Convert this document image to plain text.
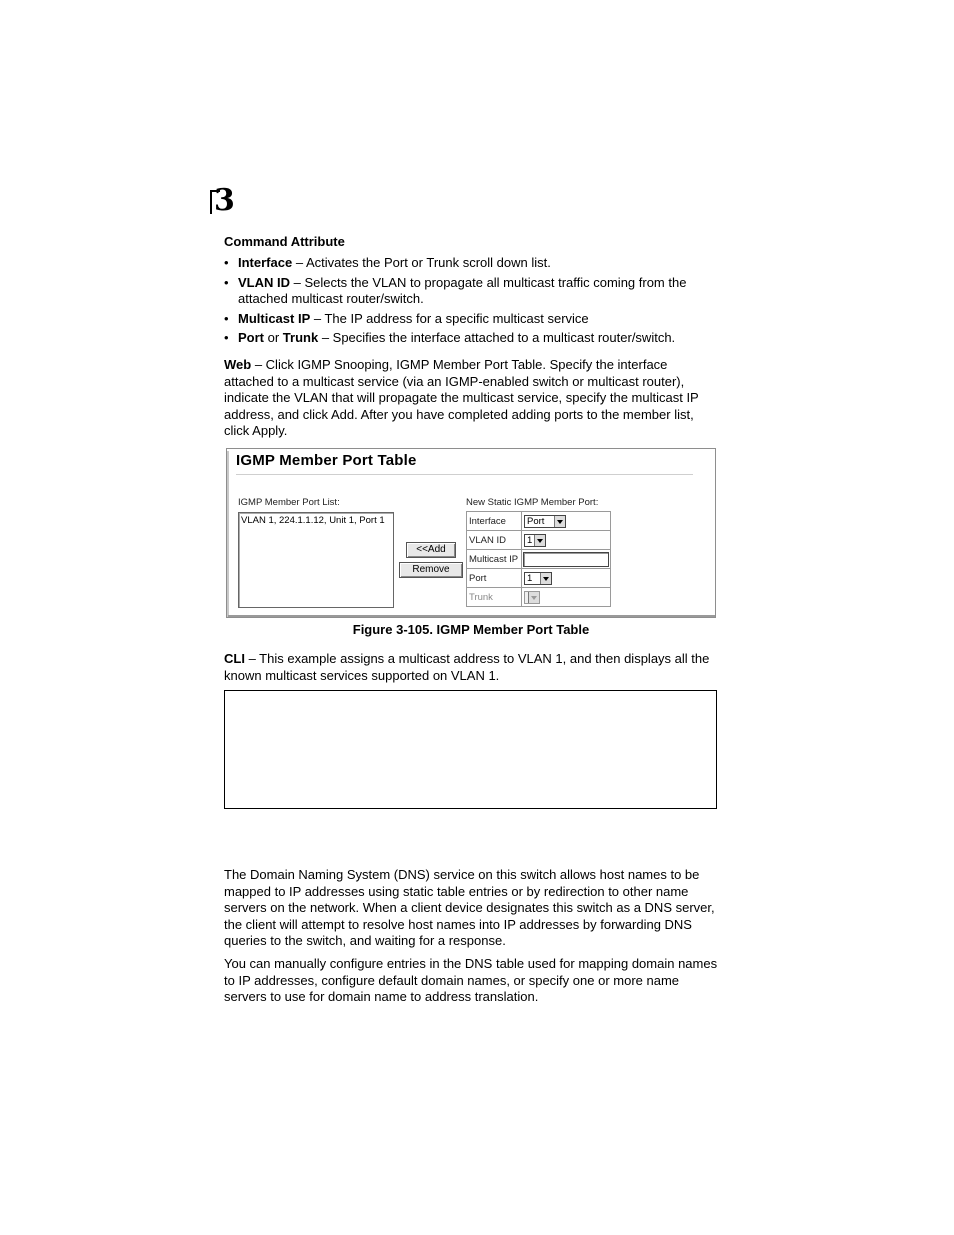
3
Command Attribute
• Interface – Activates the Port or Trunk scroll down list.
• VLAN ID – Selects the VLAN to propagate all multicast traffic coming from the attached multicast router/switch.
• Multicast IP – The IP address for a specific multicast service
• Port or Trunk – Specifies the interface attached to a multicast router/switch.

Web – Click IGMP Snooping, IGMP Member Port Table. Specify the interface attached to a multicast service (via an IGMP-enabled switch or multicast router), indicate the VLAN that will propagate the multicast service, specify the multicast IP address, and click Add. After you have completed adding ports to the member list, click Apply.

IGMP Member Port Table
IGMP Member Port List:
VLAN 1, 224.1.1.12, Unit 1, Port 1
<<Add
Remove
New Static IGMP Member Port:
Interface	Port

VLAN ID	1

Multicast IP	
Port	1

Trunk	
Figure 3-105. IGMP Member Port Table

CLI – This example assigns a multicast address to VLAN 1, and then displays all the known multicast services supported on VLAN 1.

The Domain Naming System (DNS) service on this switch allows host names to be mapped to IP addresses using static table entries or by redirection to other name servers on the network. When a client device designates this switch as a DNS server, the client will attempt to resolve host names into IP addresses by forwarding DNS queries to the switch, and waiting for a response.

You can manually configure entries in the DNS table used for mapping domain names to IP addresses, configure default domain names, or specify one or more name servers to use for domain name to address translation.
